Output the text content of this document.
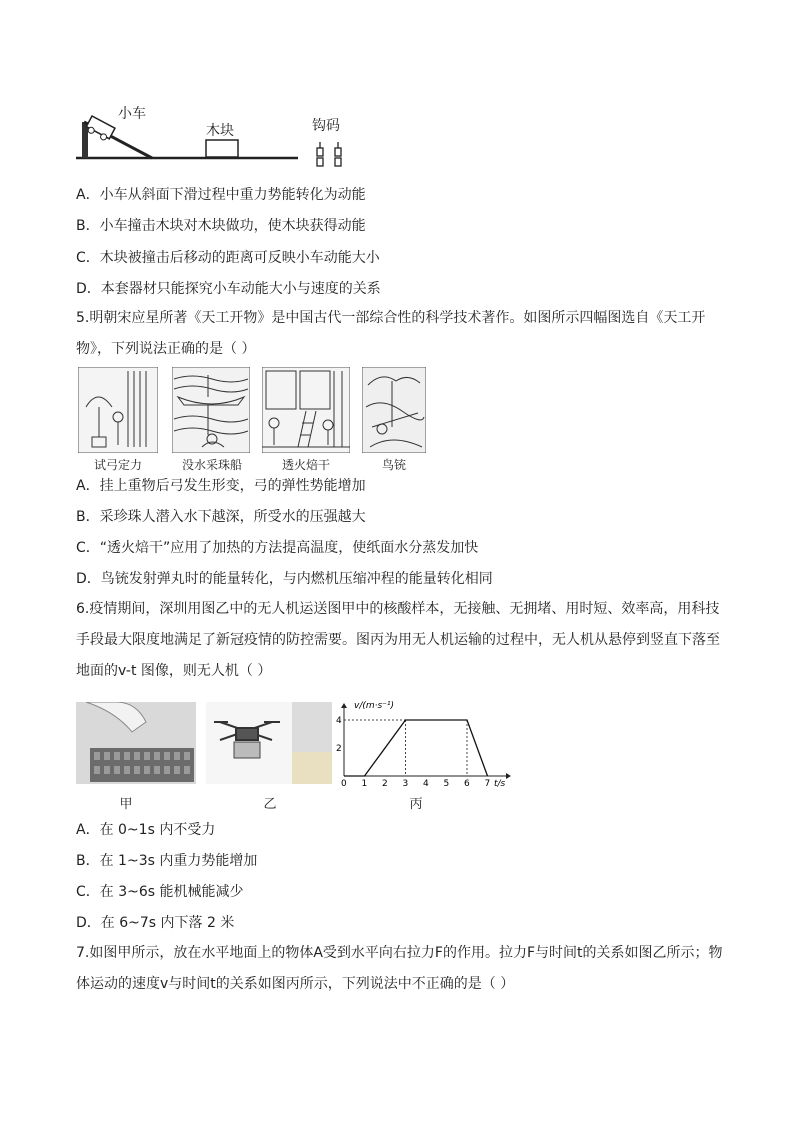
小车
木块	钩码
A．小车从斜面下滑过程中重力势能转化为动能
B．小车撞击木块对木块做功，使木块获得动能
C．木块被撞击后移动的距离可反映小车动能大小
D．本套器材只能探究小车动能大小与速度的关系
5.明朝宋应星所著《天工开物》是中国古代一部综合性的科学技术著作。如图所示四幅图选自《天工开物》，下列说法正确的是（ ）
试弓定力	没水采珠船	透火焙干	鸟铳
A．挂上重物后弓发生形变，弓的弹性势能增加
B．采珍珠人潜入水下越深，所受水的压强越大
C．“透火焙干”应用了加热的方法提高温度，使纸面水分蒸发加快
D．鸟铳发射弹丸时的能量转化，与内燃机压缩冲程的能量转化相同
6.疫情期间，深圳用图乙中的无人机运送图甲中的核酸样本，无接触、无拥堵、用时短、效率高，用科技手段最大限度地满足了新冠疫情的防控需要。图丙为用无人机运输的过程中，无人机从悬停到竖直下落至地面的v-t 图像，则无人机（ ）
0 1 2 3 4 5 6 7
2
4
v/(m·s⁻¹)
t/s
甲	乙	丙
A．在 0~1s 内不受力
B．在 1~3s 内重力势能增加
C．在 3~6s 能机械能减少
D．在 6~7s 内下落 2 米
7.如图甲所示，放在水平地面上的物体A受到水平向右拉力F的作用。拉力F与时间t的关系如图乙所示；物体运动的速度v与时间t的关系如图丙所示，下列说法中不正确的是（ ）
